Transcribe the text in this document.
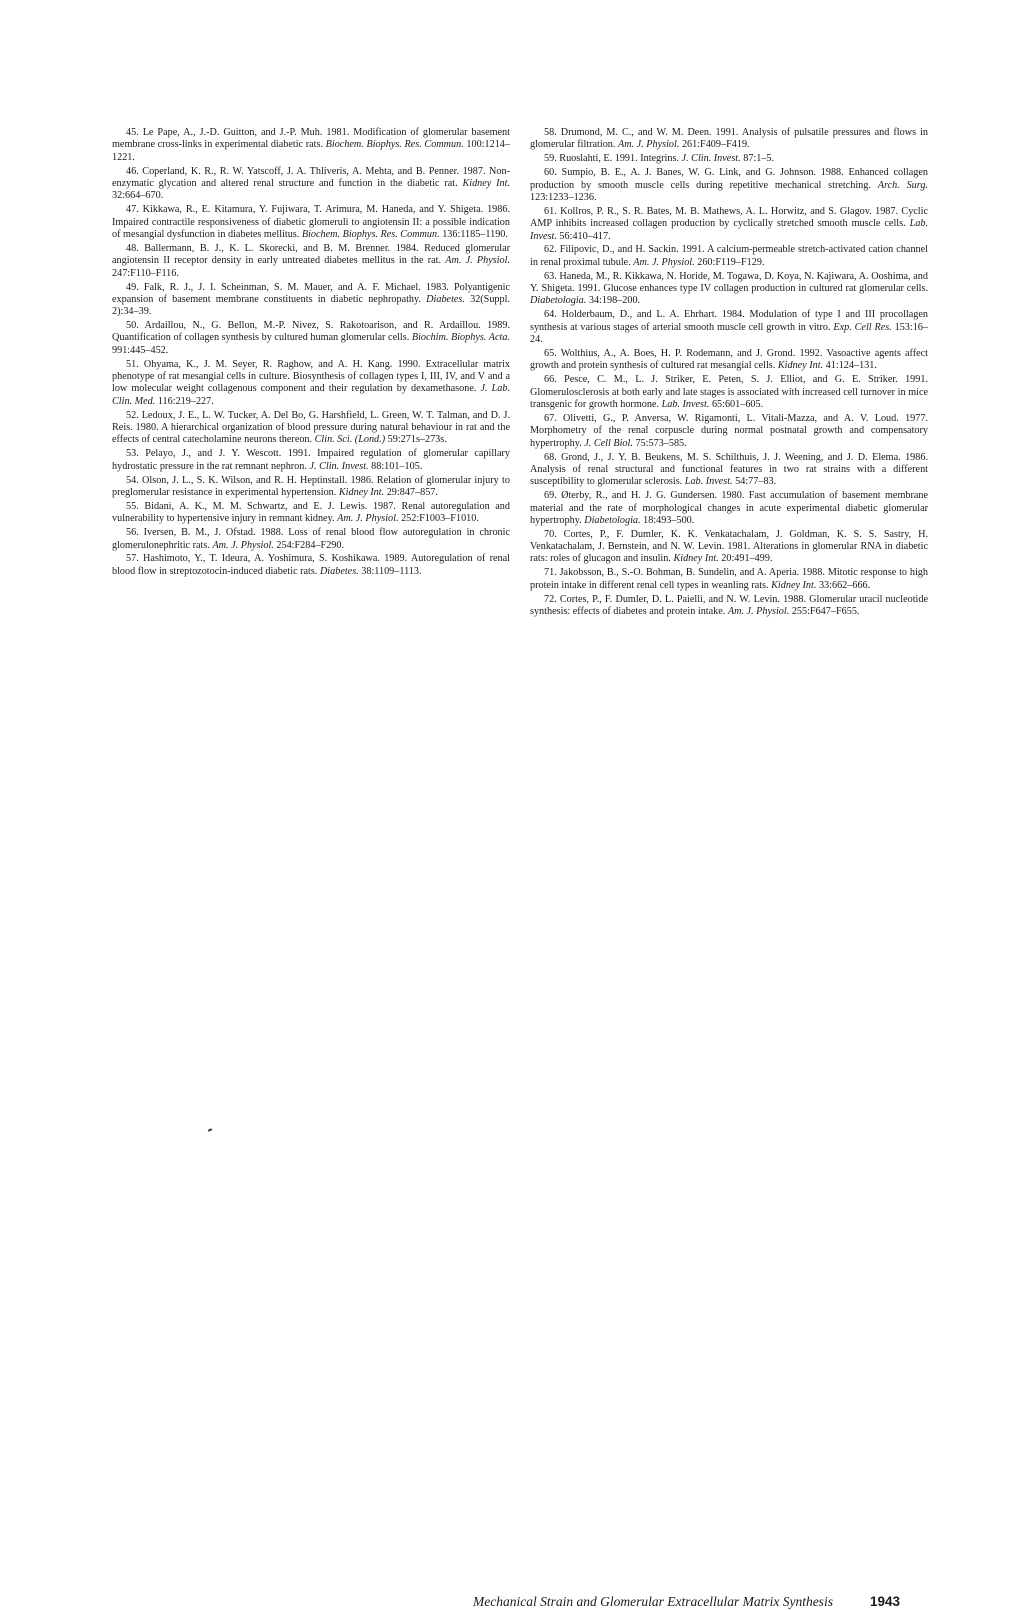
45. Le Pape, A., J.-D. Guitton, and J.-P. Muh. 1981. Modification of glomerular basement membrane cross-links in experimental diabetic rats. Biochem. Biophys. Res. Commun. 100:1214–1221.

46. Coperland, K. R., R. W. Yatscoff, J. A. Thliveris, A. Mehta, and B. Penner. 1987. Non-enzymatic glycation and altered renal structure and function in the diabetic rat. Kidney Int. 32:664–670.

47. Kikkawa, R., E. Kitamura, Y. Fujiwara, T. Arimura, M. Haneda, and Y. Shigeta. 1986. Impaired contractile responsiveness of diabetic glomeruli to angiotensin II: a possible indication of mesangial dysfunction in diabetes mellitus. Biochem. Biophys. Res. Commun. 136:1185–1190.

48. Ballermann, B. J., K. L. Skorecki, and B. M. Brenner. 1984. Reduced glomerular angiotensin II receptor density in early untreated diabetes mellitus in the rat. Am. J. Physiol. 247:F110–F116.

49. Falk, R. J., J. I. Scheinman, S. M. Mauer, and A. F. Michael. 1983. Polyantigenic expansion of basement membrane constituents in diabetic nephropathy. Diabetes. 32(Suppl. 2):34–39.

50. Ardaillou, N., G. Bellon, M.-P. Nivez, S. Rakotoarison, and R. Ardaillou. 1989. Quantification of collagen synthesis by cultured human glomerular cells. Biochim. Biophys. Acta. 991:445–452.

51. Ohyama, K., J. M. Seyer, R. Raghow, and A. H. Kang. 1990. Extracellular matrix phenotype of rat mesangial cells in culture. Biosynthesis of collagen types I, III, IV, and V and a low molecular weight collagenous component and their regulation by dexamethasone. J. Lab. Clin. Med. 116:219–227.

52. Ledoux, J. E., L. W. Tucker, A. Del Bo, G. Harshfield, L. Green, W. T. Talman, and D. J. Reis. 1980. A hierarchical organization of blood pressure during natural behaviour in rat and the effects of central catecholamine neurons thereon. Clin. Sci. (Lond.) 59:271s–273s.

53. Pelayo, J., and J. Y. Wescott. 1991. Impaired regulation of glomerular capillary hydrostatic pressure in the rat remnant nephron. J. Clin. Invest. 88:101–105.

54. Olson, J. L., S. K. Wilson, and R. H. Heptinstall. 1986. Relation of glomerular injury to preglomerular resistance in experimental hypertension. Kidney Int. 29:847–857.

55. Bidani, A. K., M. M. Schwartz, and E. J. Lewis. 1987. Renal autoregulation and vulnerability to hypertensive injury in remnant kidney. Am. J. Physiol. 252:F1003–F1010.

56. Iversen, B. M., J. Ofstad. 1988. Loss of renal blood flow autoregulation in chronic glomerulonephritic rats. Am. J. Physiol. 254:F284–F290.

57. Hashimoto, Y., T. Ideura, A. Yoshimura, S. Koshikawa. 1989. Autoregulation of renal blood flow in streptozotocin-induced diabetic rats. Diabetes. 38:1109–1113.

58. Drumond, M. C., and W. M. Deen. 1991. Analysis of pulsatile pressures and flows in glomerular filtration. Am. J. Physiol. 261:F409–F419.

59. Ruoslahti, E. 1991. Integrins. J. Clin. Invest. 87:1–5.

60. Sumpio, B. E., A. J. Banes, W. G. Link, and G. Johnson. 1988. Enhanced collagen production by smooth muscle cells during repetitive mechanical stretching. Arch. Surg. 123:1233–1236.

61. Kollros, P. R., S. R. Bates, M. B. Mathews, A. L. Horwitz, and S. Glagov. 1987. Cyclic AMP inhibits increased collagen production by cyclically stretched smooth muscle cells. Lab. Invest. 56:410–417.

62. Filipovic, D., and H. Sackin. 1991. A calcium-permeable stretch-activated cation channel in renal proximal tubule. Am. J. Physiol. 260:F119–F129.

63. Haneda, M., R. Kikkawa, N. Horide, M. Togawa, D. Koya, N. Kajiwara, A. Ooshima, and Y. Shigeta. 1991. Glucose enhances type IV collagen production in cultured rat glomerular cells. Diabetologia. 34:198–200.

64. Holderbaum, D., and L. A. Ehrhart. 1984. Modulation of type I and III procollagen synthesis at various stages of arterial smooth muscle cell growth in vitro. Exp. Cell Res. 153:16–24.

65. Wolthius, A., A. Boes, H. P. Rodemann, and J. Grond. 1992. Vasoactive agents affect growth and protein synthesis of cultured rat mesangial cells. Kidney Int. 41:124–131.

66. Pesce, C. M., L. J. Striker, E. Peten, S. J. Elliot, and G. E. Striker. 1991. Glomerulosclerosis at both early and late stages is associated with increased cell turnover in mice transgenic for growth hormone. Lab. Invest. 65:601–605.

67. Olivetti, G., P. Anversa, W. Rigamonti, L. Vitali-Mazza, and A. V. Loud. 1977. Morphometry of the renal corpuscle during normal postnatal growth and compensatory hypertrophy. J. Cell Biol. 75:573–585.

68. Grond, J., J. Y. B. Beukens, M. S. Schilthuis, J. J. Weening, and J. D. Elema. 1986. Analysis of renal structural and functional features in two rat strains with a different susceptibility to glomerular sclerosis. Lab. Invest. 54:77–83.

69. Øterby, R., and H. J. G. Gundersen. 1980. Fast accumulation of basement membrane material and the rate of morphological changes in acute experimental diabetic glomerular hypertrophy. Diabetologia. 18:493–500.

70. Cortes, P., F. Dumler, K. K. Venkatachalam, J. Goldman, K. S. S. Sastry, H. Venkatachalam, J. Bernstein, and N. W. Levin. 1981. Alterations in glomerular RNA in diabetic rats: roles of glucagon and insulin. Kidney Int. 20:491–499.

71. Jakobsson, B., S.-O. Bohman, B. Sundelin, and A. Aperia. 1988. Mitotic response to high protein intake in different renal cell types in weanling rats. Kidney Int. 33:662–666.

72. Cortes, P., F. Dumler, D. L. Paielli, and N. W. Levin. 1988. Glomerular uracil nucleotide synthesis: effects of diabetes and protein intake. Am. J. Physiol. 255:F647–F655.

Mechanical Strain and Glomerular Extracellular Matrix Synthesis	1943
